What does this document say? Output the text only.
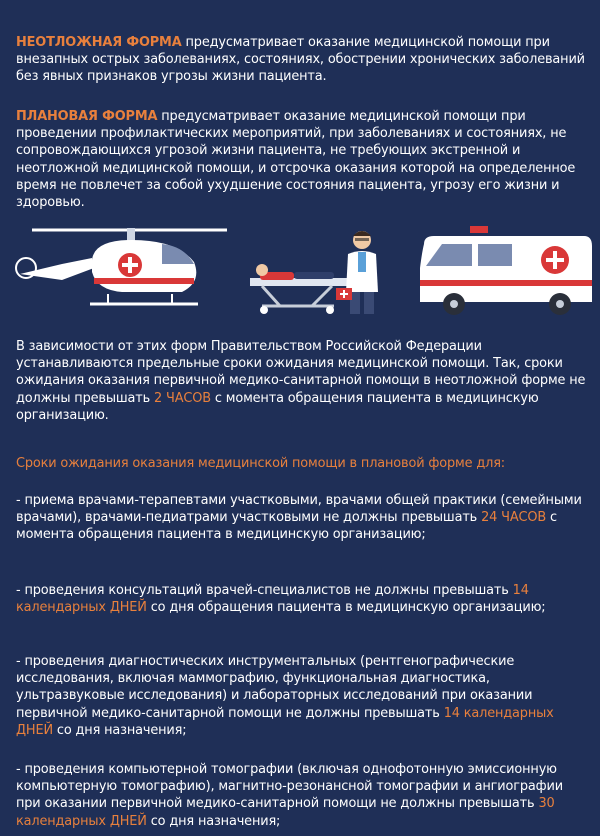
НЕОТЛОЖНАЯ ФОРМА предусматривает оказание медицинской помощи при внезапных острых заболеваниях, состояниях, обострении хронических заболеваний без явных признаков угрозы жизни пациента.

ПЛАНОВАЯ ФОРМА предусматривает оказание медицинской помощи при проведении профилактических мероприятий, при заболеваниях и состояниях, не сопровождающихся угрозой жизни пациента, не требующих экстренной и неотложной медицинской помощи, и отсрочка оказания которой на определенное время не повлечет за собой ухудшение состояния пациента, угрозу его жизни и здоровью.

В зависимости от этих форм Правительством Российской Федерации устанавливаются предельные сроки ожидания медицинской помощи. Так, сроки ожидания оказания первичной медико-санитарной помощи в неотложной форме не должны превышать 2 ЧАСОВ с момента обращения пациента в медицинскую организацию.

Сроки ожидания оказания медицинской помощи в плановой форме для:

- приема врачами-терапевтами участковыми, врачами общей практики (семейными врачами), врачами-педиатрами участковыми не должны превышать 24 ЧАСОВ с момента обращения пациента в медицинскую организацию;

- проведения консультаций врачей-специалистов не должны превышать 14 календарных ДНЕЙ со дня обращения пациента в медицинскую организацию;

- проведения диагностических инструментальных (рентгенографические исследования, включая маммографию, функциональная диагностика, ультразвуковые исследования) и лабораторных исследований при оказании первичной медико-санитарной помощи не должны превышать 14 календарных ДНЕЙ со дня назначения;

- проведения компьютерной томографии (включая однофотонную эмиссионную компьютерную томографию), магнитно-резонансной томографии и ангиографии при оказании первичной медико-санитарной помощи не должны превышать 30 календарных ДНЕЙ со дня назначения;
